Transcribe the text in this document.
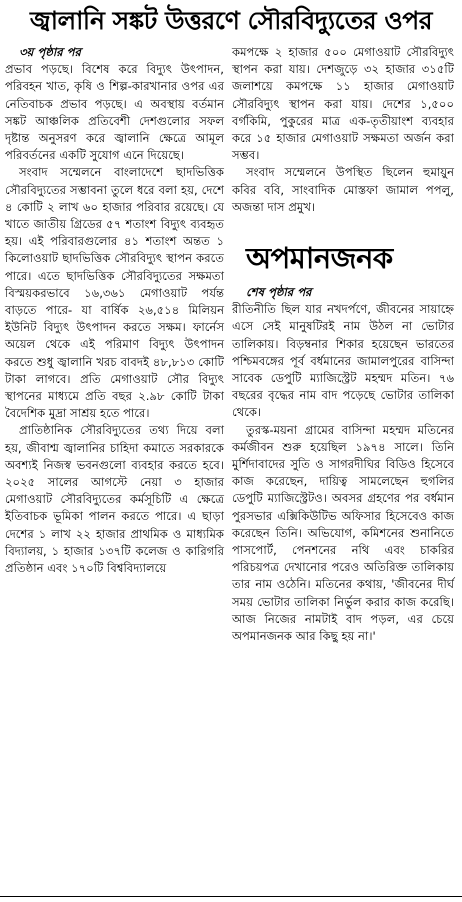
জ্বালানি সঙ্কট উত্তরণে সৌরবিদ্যুতের ওপর
৩য় পৃষ্ঠার পর

প্রভাব পড়ছে। বিশেষ করে বিদ্যুৎ উৎপাদন, পরিবহন খাত, কৃষি ও শিল্প-কারখানার ওপর এর নেতিবাচক প্রভাব পড়ছে। এ অবস্থায় বর্তমান সঙ্কট আঞ্চলিক প্রতিবেশী দেশগুলোর সফল দৃষ্টান্ত অনুসরণ করে জ্বালানি ক্ষেত্রে আমূল পরিবর্তনের একটি সুযোগ এনে দিয়েছে।

সংবাদ সম্মেলনে বাংলাদেশে ছাদভিত্তিক সৌরবিদ্যুতের সম্ভাবনা তুলে ধরে বলা হয়, দেশে ৪ কোটি ২ লাখ ৬০ হাজার পরিবার রয়েছে। যে খাতে জাতীয় গ্রিডের ৫৭ শতাংশ বিদ্যুৎ ব্যবহৃত হয়। এই পরিবারগুলোর ৪১ শতাংশ অন্তত ১ কিলোওয়াট ছাদভিত্তিক সৌরবিদ্যুৎ স্থাপন করতে পারে। এতে ছাদভিত্তিক সৌরবিদ্যুতের সক্ষমতা বিস্ময়করভাবে ১৬,৩৬১ মেগাওয়াট পর্যন্ত বাড়তে পারে- যা বার্ষিক ২৬,৫১৪ মিলিয়ন ইউনিট বিদ্যুৎ উৎপাদন করতে সক্ষম। ফার্নেস অয়েল থেকে এই পরিমাণ বিদ্যুৎ উৎপাদন করতে শুধু জ্বালানি খরচ বাবদই ৪৮,৮১৩ কোটি টাকা লাগবে। প্রতি মেগাওয়াট সৌর বিদ্যুৎ স্থাপনের মাধ্যমে প্রতি বছর ২.৯৮ কোটি টাকা বৈদেশিক মুদ্রা সাশ্রয় হতে পারে।

প্রাতিষ্ঠানিক সৌরবিদ্যুতের তথ্য দিয়ে বলা হয়, জীবাশ্ম জ্বালানির চাহিদা কমাতে সরকারকে অবশ্যই নিজস্ব ভবনগুলো ব্যবহার করতে হবে। ২০২৫ সালের আগস্টে নেয়া ৩ হাজার মেগাওয়াট সৌরবিদ্যুতের কর্মসূচিটি এ ক্ষেত্রে ইতিবাচক ভূমিকা পালন করতে পারে। এ ছাড়া দেশের ১ লাখ ২২ হাজার প্রাথমিক ও মাধ্যমিক বিদ্যালয়, ১ হাজার ১৩৭টি কলেজ ও কারিগরি প্রতিষ্ঠান এবং ১৭০টি বিশ্ববিদ্যালয়ে

কমপক্ষে ২ হাজার ৫০০ মেগাওয়াট সৌরবিদ্যুৎ স্থাপন করা যায়। দেশজুড়ে ৩২ হাজার ৩১৫টি জলাশয়ে কমপক্ষে ১১ হাজার মেগাওয়াট সৌরবিদ্যুৎ স্থাপন করা যায়। দেশের ১,৫০০ বর্গকিমি, পুকুরের মাত্র এক-তৃতীয়াংশ ব্যবহার করে ১৫ হাজার মেগাওয়াট সক্ষমতা অর্জন করা সম্ভব।

সংবাদ সম্মেলনে উপস্থিত ছিলেন হুমায়ুন কবির ববি, সাংবাদিক মোস্তফা জামাল পপলু, অজন্তা দাস প্রমুখ।

অপমানজনক
শেষ পৃষ্ঠার পর

রীতিনীতি ছিল যার নখদর্পণে, জীবনের সায়াহ্নে এসে সেই মানুষটিরই নাম উঠল না ভোটার তালিকায়। বিড়ম্বনার শিকার হয়েছেন ভারতের পশ্চিমবঙ্গের পূর্ব বর্ধমানের জামালপুরের বাসিন্দা সাবেক ডেপুটি ম্যাজিস্ট্রেট মহম্মদ মতিন। ৭৬ বছরের বৃদ্ধের নাম বাদ পড়েছে ভোটার তালিকা থেকে।

তুরস্ক-ময়না গ্রামের বাসিন্দা মহম্মদ মতিনের কর্মজীবন শুরু হয়েছিল ১৯৭৪ সালে। তিনি মুর্শিদাবাদের সুতি ও সাগরদীঘির বিডিও হিসেবে কাজ করেছেন, দায়িত্ব সামলেছেন হুগলির ডেপুটি ম্যাজিস্ট্রেটও। অবসর গ্রহণের পর বর্ধমান পুরসভার এক্সিকিউটিভ অফিসার হিসেবেও কাজ করেছেন তিনি। অভিযোগ, কমিশনের শুনানিতে পাসপোর্ট, পেনশনের নথি এবং চাকরির পরিচয়পত্র দেখানোর পরেও অতিরিক্ত তালিকায় তার নাম ওঠেনি। মতিনের কথায়, 'জীবনের দীর্ঘ সময় ভোটার তালিকা নির্ভুল করার কাজ করেছি। আজ নিজের নামটাই বাদ পড়ল, এর চেয়ে অপমানজনক আর কিছু হয় না।'
